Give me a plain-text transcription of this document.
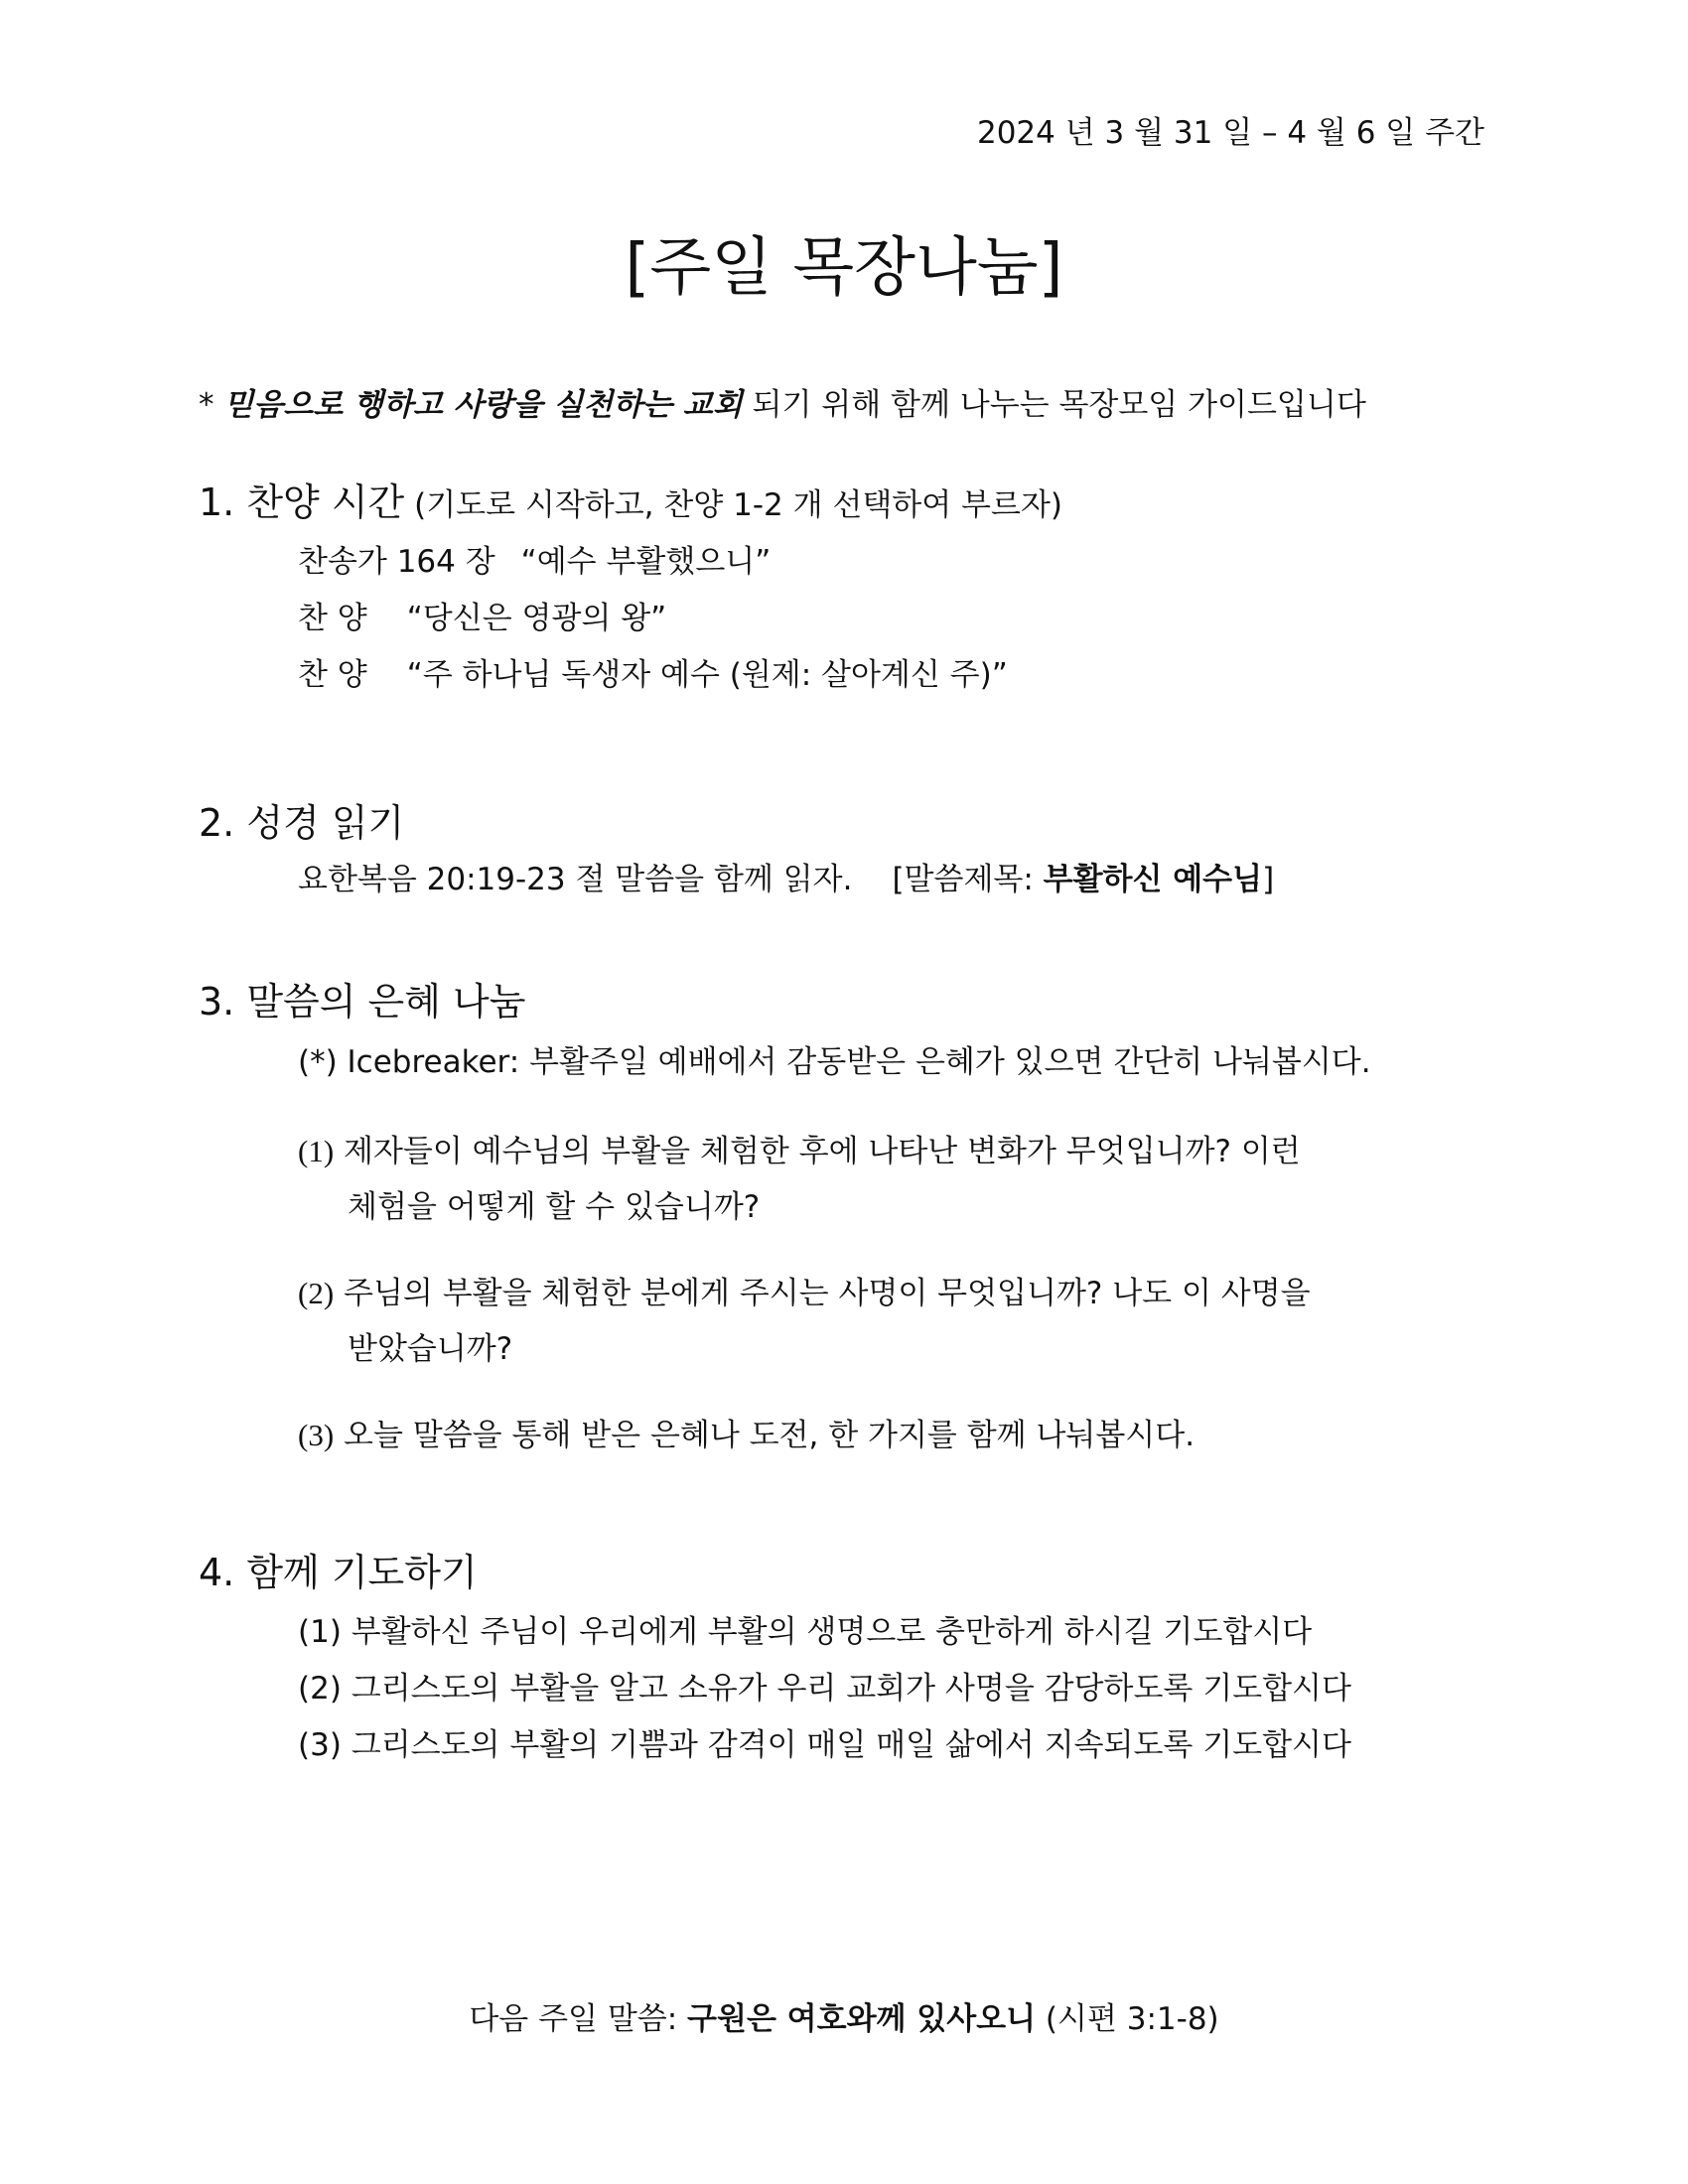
2024 년 3 월 31 일 – 4 월 6 일 주간
[주일 목장나눔]
* 믿음으로 행하고 사랑을 실천하는 교회 되기 위해 함께 나누는 목장모임 가이드입니다
1. 찬양 시간 (기도로 시작하고, 찬양 1-2 개 선택하여 부르자)
찬송가 164 장 “예수 부활했으니”
찬 양 “당신은 영광의 왕”
찬 양 “주 하나님 독생자 예수 (원제: 살아계신 주)”
2. 성경 읽기
요한복음 20:19-23 절 말씀을 함께 읽자. [말씀제목: 부활하신 예수님]
3. 말씀의 은혜 나눔
(*) Icebreaker: 부활주일 예배에서 감동받은 은혜가 있으면 간단히 나눠봅시다.
(1) 제자들이 예수님의 부활을 체험한 후에 나타난 변화가 무엇입니까? 이런
체험을 어떻게 할 수 있습니까?
(2) 주님의 부활을 체험한 분에게 주시는 사명이 무엇입니까? 나도 이 사명을
받았습니까?
(3) 오늘 말씀을 통해 받은 은혜나 도전, 한 가지를 함께 나눠봅시다.
4. 함께 기도하기
(1) 부활하신 주님이 우리에게 부활의 생명으로 충만하게 하시길 기도합시다
(2) 그리스도의 부활을 알고 소유가 우리 교회가 사명을 감당하도록 기도합시다
(3) 그리스도의 부활의 기쁨과 감격이 매일 매일 삶에서 지속되도록 기도합시다
다음 주일 말씀: 구원은 여호와께 있사오니 (시편 3:1-8)
